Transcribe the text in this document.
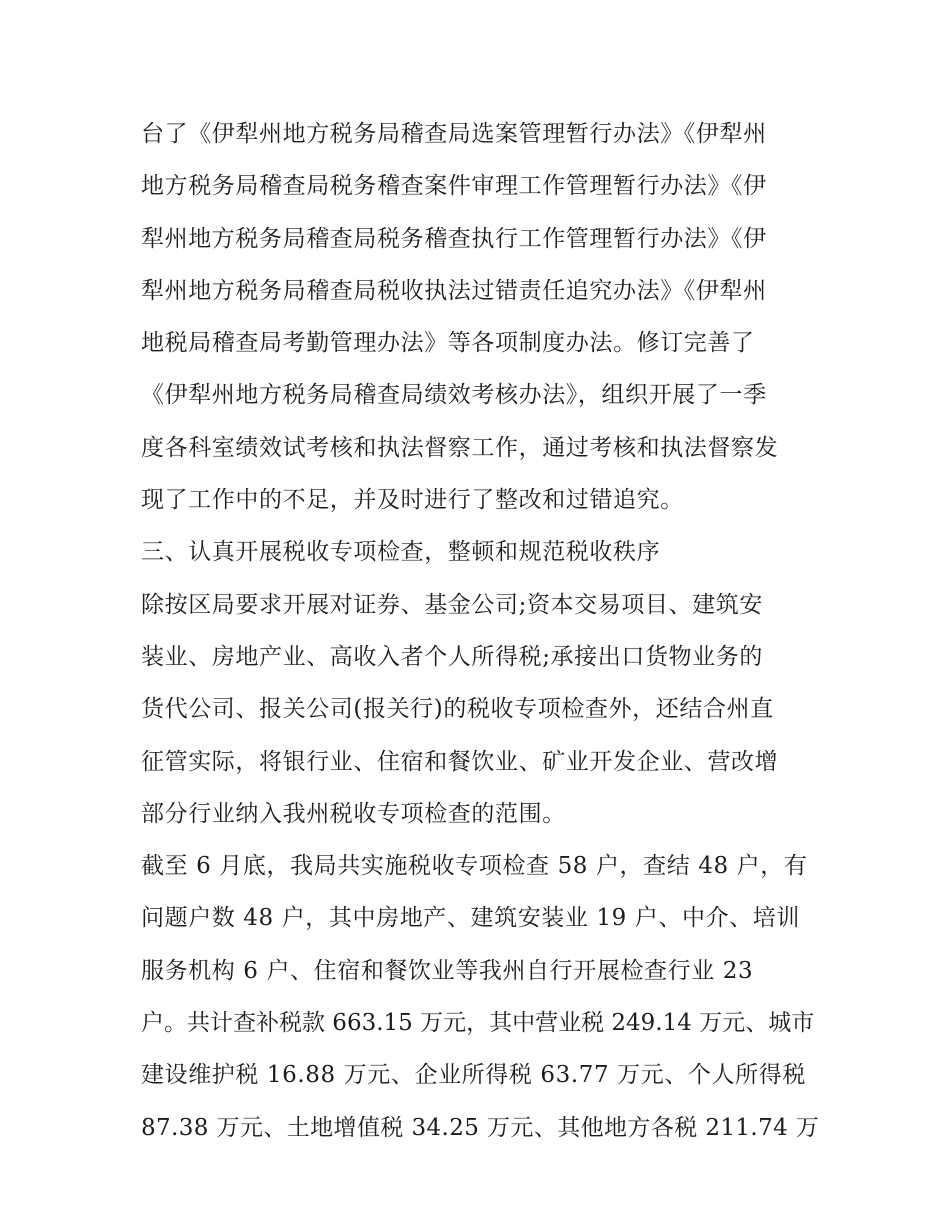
台了《伊犁州地方税务局稽查局选案管理暂行办法》《伊犁州
地方税务局稽查局税务稽查案件审理工作管理暂行办法》《伊
犁州地方税务局稽查局税务稽查执行工作管理暂行办法》《伊
犁州地方税务局稽查局税收执法过错责任追究办法》《伊犁州
地税局稽查局考勤管理办法》等各项制度办法。修订完善了
《伊犁州地方税务局稽查局绩效考核办法》，组织开展了一季
度各科室绩效试考核和执法督察工作，通过考核和执法督察发
现了工作中的不足，并及时进行了整改和过错追究。
三、认真开展税收专项检查，整顿和规范税收秩序
除按区局要求开展对证券、基金公司;资本交易项目、建筑安
装业、房地产业、高收入者个人所得税;承接出口货物业务的
货代公司、报关公司(报关行)的税收专项检查外，还结合州直
征管实际，将银行业、住宿和餐饮业、矿业开发企业、营改增
部分行业纳入我州税收专项检查的范围。
截至 6 月底，我局共实施税收专项检查 58 户，查结 48 户，有
问题户数 48 户，其中房地产、建筑安装业 19 户、中介、培训
服务机构 6 户、住宿和餐饮业等我州自行开展检查行业 23
户。共计查补税款 663.15 万元，其中营业税 249.14 万元、城市
建设维护税 16.88 万元、企业所得税 63.77 万元、个人所得税
87.38 万元、土地增值税 34.25 万元、其他地方各税 211.74 万
